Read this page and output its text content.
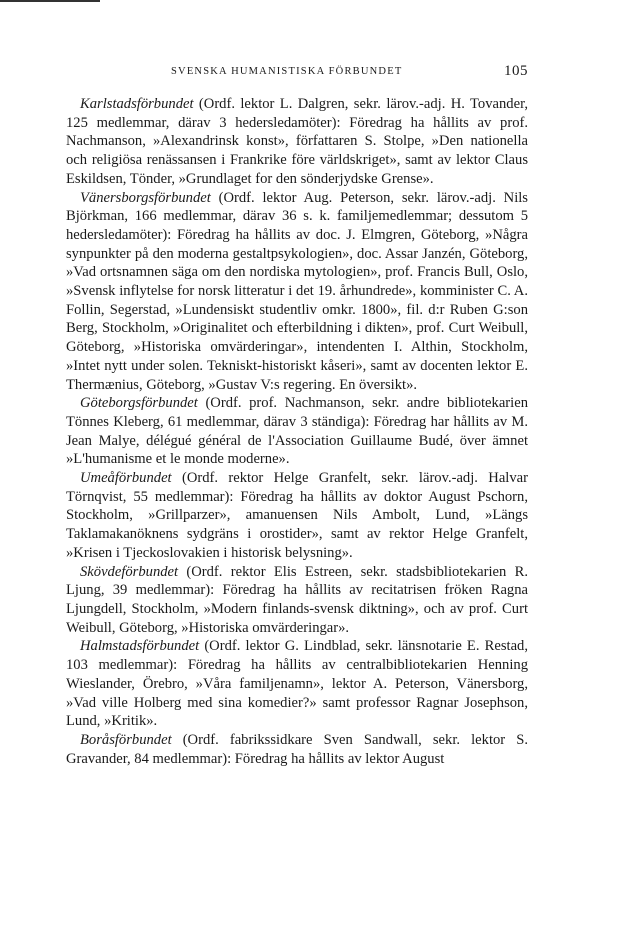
SVENSKA HUMANISTISKA FÖRBUNDET	105

Karlstadsförbundet (Ordf. lektor L. Dalgren, sekr. lärov.-adj. H. Tovander, 125 medlemmar, därav 3 hedersledamöter): Föredrag ha hållits av prof. Nachmanson, »Alexandrinsk konst», författaren S. Stolpe, »Den nationella och religiösa renässansen i Frankrike före världskriget», samt av lektor Claus Eskildsen, Tönder, »Grundlaget for den sönderjydske Grense».

Vänersborgsförbundet (Ordf. lektor Aug. Peterson, sekr. lärov.-adj. Nils Björkman, 166 medlemmar, därav 36 s. k. familjemedlemmar; dessutom 5 hedersledamöter): Föredrag ha hållits av doc. J. Elmgren, Göteborg, »Några synpunkter på den moderna gestaltpsykologien», doc. Assar Janzén, Göteborg, »Vad ortsnamnen säga om den nordiska mytologien», prof. Francis Bull, Oslo, »Svensk inflytelse for norsk litteratur i det 19. århundrede», komminister C. A. Follin, Segerstad, »Lundensiskt studentliv omkr. 1800», fil. d:r Ruben G:son Berg, Stockholm, »Originalitet och efterbildning i dikten», prof. Curt Weibull, Göteborg, »Historiska omvärderingar», intendenten I. Althin, Stockholm, »Intet nytt under solen. Tekniskt-historiskt kåseri», samt av docenten lektor E. Thermænius, Göteborg, »Gustav V:s regering. En översikt».

Göteborgsförbundet (Ordf. prof. Nachmanson, sekr. andre bibliotekarien Tönnes Kleberg, 61 medlemmar, därav 3 ständiga): Föredrag har hållits av M. Jean Malye, délégué général de l'Association Guillaume Budé, över ämnet »L'humanisme et le monde moderne».

Umeåförbundet (Ordf. rektor Helge Granfelt, sekr. lärov.-adj. Halvar Törnqvist, 55 medlemmar): Föredrag ha hållits av doktor August Pschorn, Stockholm, »Grillparzer», amanuensen Nils Ambolt, Lund, »Längs Taklamakanöknens sydgräns i orostider», samt av rektor Helge Granfelt, »Krisen i Tjeckoslovakien i historisk belysning».

Skövdeförbundet (Ordf. rektor Elis Estreen, sekr. stadsbibliotekarien R. Ljung, 39 medlemmar): Föredrag ha hållits av recitatrisen fröken Ragna Ljungdell, Stockholm, »Modern finlands-svensk diktning», och av prof. Curt Weibull, Göteborg, »Historiska omvärderingar».

Halmstadsförbundet (Ordf. lektor G. Lindblad, sekr. länsnotarie E. Restad, 103 medlemmar): Föredrag ha hållits av centralbibliotekarien Henning Wieslander, Örebro, »Våra familjenamn», lektor A. Peterson, Vänersborg, »Vad ville Holberg med sina komedier?» samt professor Ragnar Josephson, Lund, »Kritik».

Boråsförbundet (Ordf. fabrikssidkare Sven Sandwall, sekr. lektor S. Gravander, 84 medlemmar): Föredrag ha hållits av lektor August
